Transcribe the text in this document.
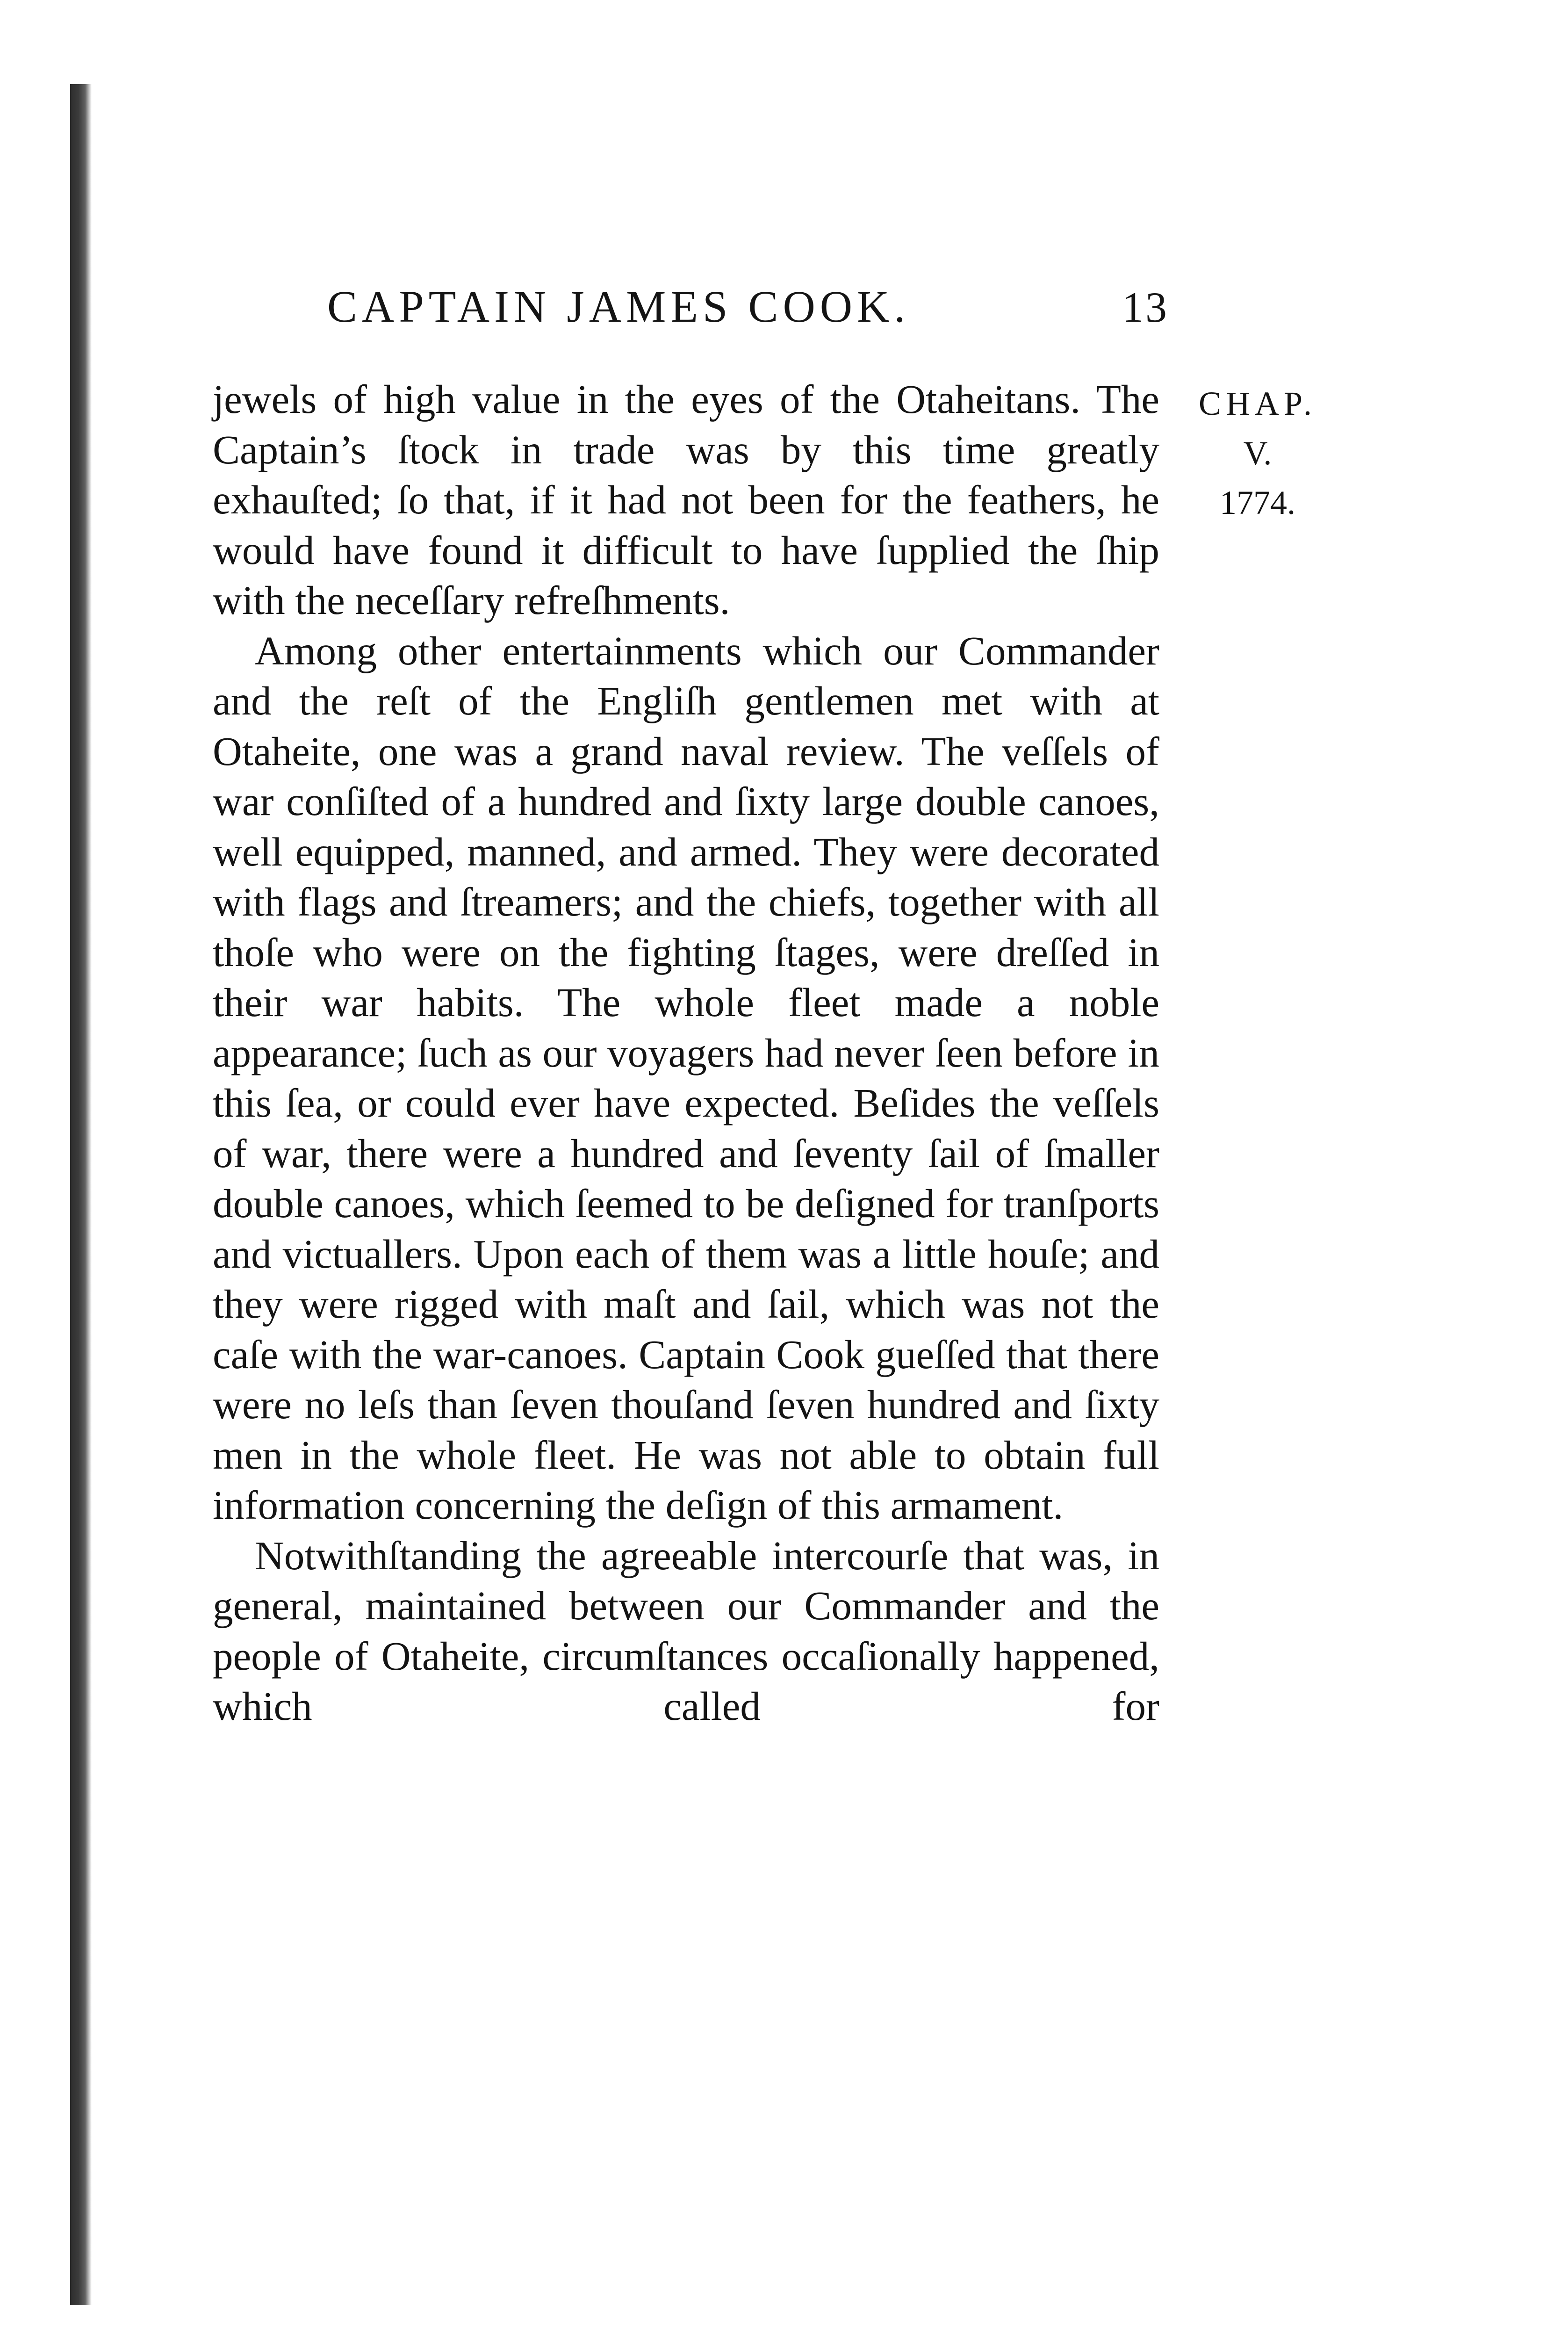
CAPTAIN JAMES COOK.	13
CHAP.
V.
1774.

jewels of high value in the eyes of the Otaheitans. The Captain’s ſtock in trade was by this time greatly exhauſted; ſo that, if it had not been for the feathers, he would have found it difficult to have ſupplied the ſhip with the neceſſary refreſhments.

Among other entertainments which our Commander and the reſt of the Engliſh gentlemen met with at Otaheite, one was a grand naval review. The veſſels of war conſiſted of a hundred and ſixty large double canoes, well equipped, manned, and armed. They were decorated with flags and ſtreamers; and the chiefs, together with all thoſe who were on the fighting ſtages, were dreſſed in their war habits. The whole fleet made a noble appearance; ſuch as our voyagers had never ſeen before in this ſea, or could ever have expected. Beſides the veſſels of war, there were a hundred and ſeventy ſail of ſmaller double canoes, which ſeemed to be deſigned for tranſports and victuallers. Upon each of them was a little houſe; and they were rigged with maſt and ſail, which was not the caſe with the war-canoes. Captain Cook gueſſed that there were no leſs than ſeven thouſand ſeven hundred and ſixty men in the whole fleet. He was not able to obtain full information concerning the deſign of this armament.

Notwithſtanding the agreeable intercourſe that was, in general, maintained between our Commander and the people of Otaheite, circumſtances occaſionally happened, which called for
